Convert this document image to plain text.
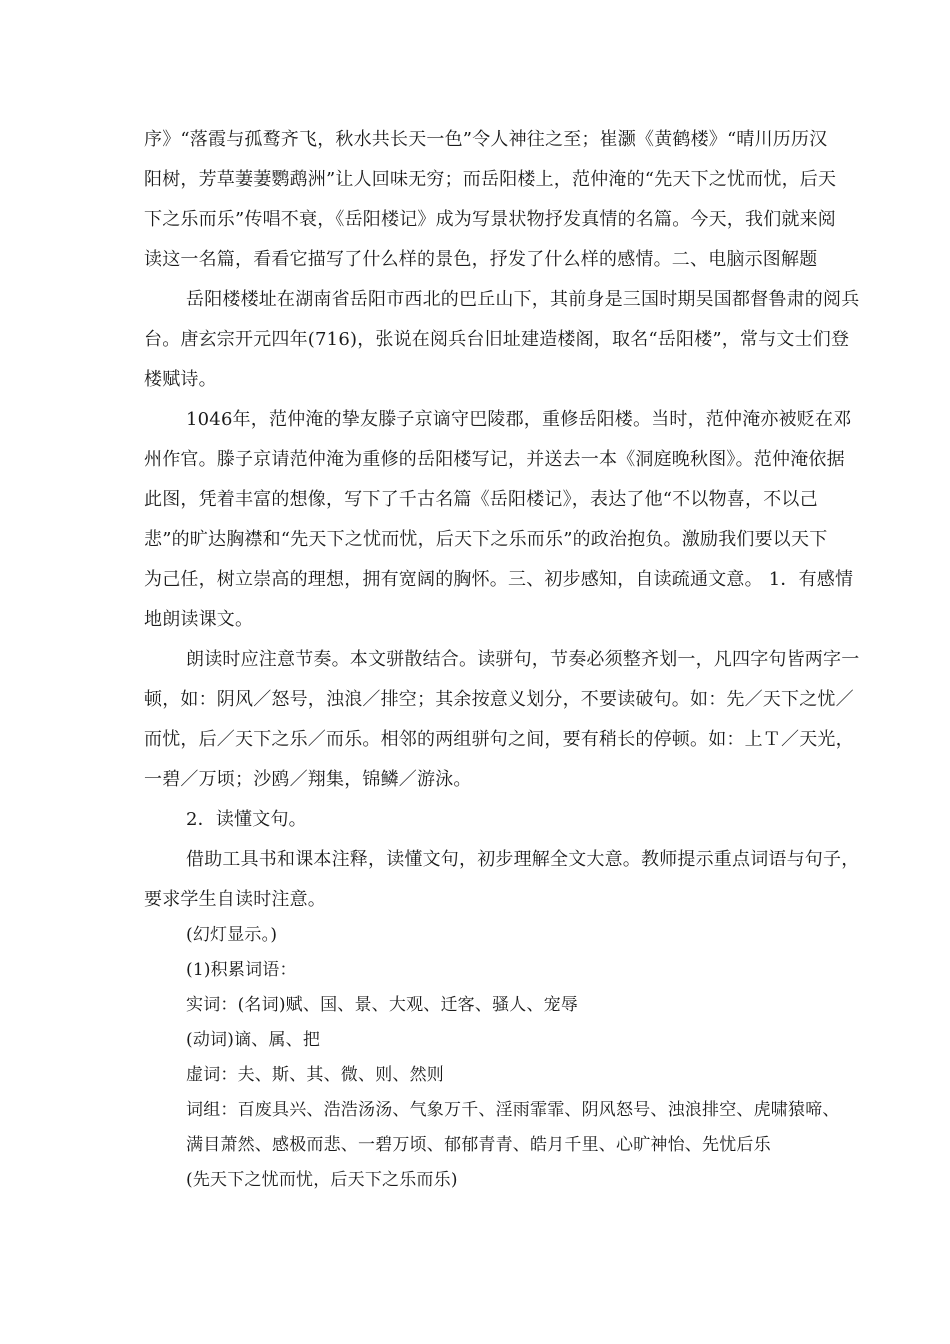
序》“落霞与孤鹜齐飞，秋水共长天一色”令人神往之至；崔灏《黄鹤楼》“晴川历历汉
阳树，芳草萋萋鹦鹉洲”让人回味无穷；而岳阳楼上，范仲淹的“先天下之忧而忧，后天
下之乐而乐”传唱不衰，《岳阳楼记》成为写景状物抒发真情的名篇。今天，我们就来阅
读这一名篇，看看它描写了什么样的景色，抒发了什么样的感情。二、电脑示图解题
岳阳楼楼址在湖南省岳阳市西北的巴丘山下，其前身是三国时期吴国都督鲁肃的阅兵
台。唐玄宗开元四年(716)，张说在阅兵台旧址建造楼阁，取名“岳阳楼”，常与文士们登
楼赋诗。
1046年，范仲淹的挚友滕子京谪守巴陵郡，重修岳阳楼。当时，范仲淹亦被贬在邓
州作官。滕子京请范仲淹为重修的岳阳楼写记，并送去一本《洞庭晚秋图》。范仲淹依据
此图，凭着丰富的想像，写下了千古名篇《岳阳楼记》，表达了他“不以物喜，不以己
悲”的旷达胸襟和“先天下之忧而忧，后天下之乐而乐”的政治抱负。激励我们要以天下
为己任，树立崇高的理想，拥有宽阔的胸怀。三、初步感知，自读疏通文意。 1．有感情
地朗读课文。
朗读时应注意节奏。本文骈散结合。读骈句，节奏必须整齐划一，凡四字句皆两字一
顿，如：阴风／怒号，浊浪／排空；其余按意义划分，不要读破句。如：先／天下之忧／
而忧，后／天下之乐／而乐。相邻的两组骈句之间，要有稍长的停顿。如：上Ｔ／天光，
一碧／万顷；沙鸥／翔集，锦鳞／游泳。
2．读懂文句。
借助工具书和课本注释，读懂文句，初步理解全文大意。教师提示重点词语与句子，
要求学生自读时注意。
(幻灯显示。)
(1)积累词语：
实词：(名词)赋、国、景、大观、迁客、骚人、宠辱
(动词)谪、属、把
虚词：夫、斯、其、微、则、然则
词组：百废具兴、浩浩汤汤、气象万千、淫雨霏霏、阴风怒号、浊浪排空、虎啸猿啼、
满目萧然、感极而悲、一碧万顷、郁郁青青、皓月千里、心旷神怡、先忧后乐
(先天下之忧而忧，后天下之乐而乐)
